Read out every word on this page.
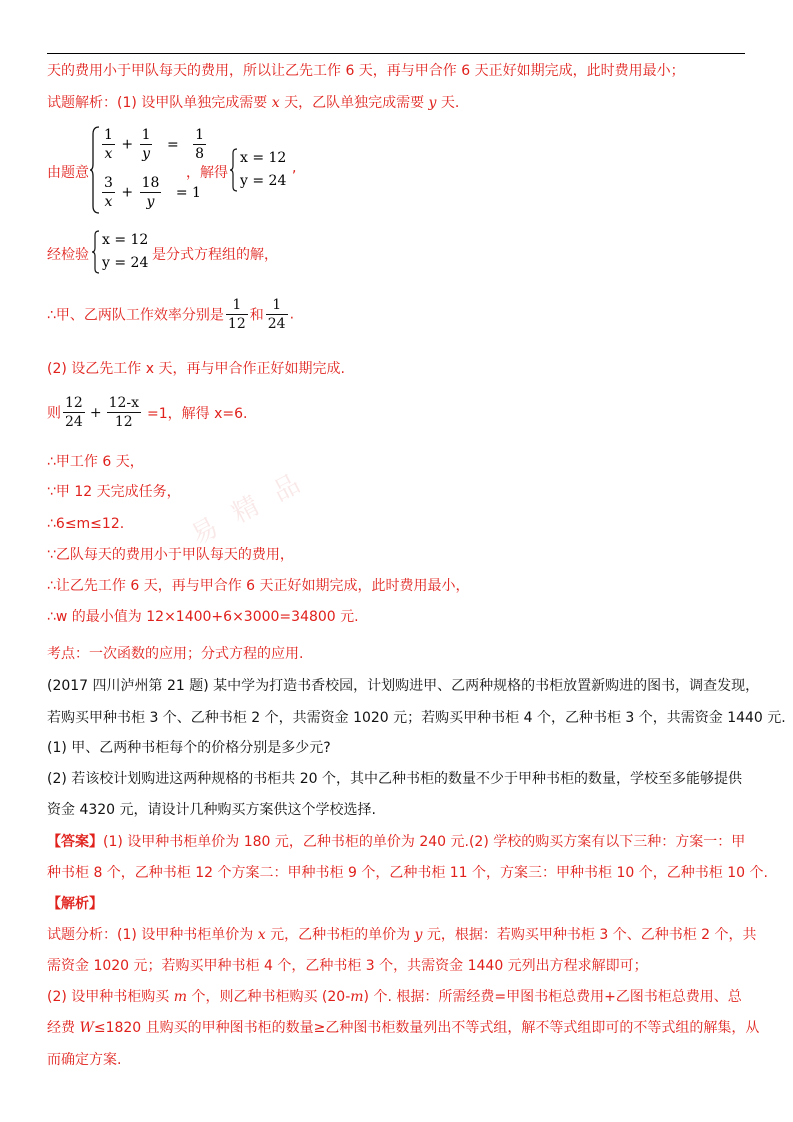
天的费用小于甲队每天的费用，所以让乙先工作 6 天，再与甲合作 6 天正好如期完成，此时费用最小；
试题解析：(1) 设甲队单独完成需要 x 天，乙队单独完成需要 y 天.
由题意
$\frac{1}{x} + \frac{1}{y} = \frac{1}{8}$
$\frac{3}{x} + \frac{18}{y} = 1$
，解得
x = 12
y = 24
,
经检验
x = 12
y = 24 是分式方程组的解，
∴甲、乙两队工作效率分别是 $\frac{1}{12}$ 和 $\frac{1}{24}$ .
(2) 设乙先工作 x 天，再与甲合作正好如期完成.
则 $\frac{12}{24} + \frac{12-x}{12} =1$，解得 x=6.
∴甲工作 6 天，
∵甲 12 天完成任务，
∴6≤m≤12.
∵乙队每天的费用小于甲队每天的费用，
∴让乙先工作 6 天，再与甲合作 6 天正好如期完成，此时费用最小，
∴w 的最小值为 12×1400+6×3000=34800 元.
易 精 品
考点：一次函数的应用；分式方程的应用.
(2017 四川泸州第 21 题) 某中学为打造书香校园，计划购进甲、乙两种规格的书柜放置新购进的图书，调查发现，
若购买甲种书柜 3 个、乙种书柜 2 个，共需资金 1020 元；若购买甲种书柜 4 个，乙种书柜 3 个，共需资金 1440 元.
(1) 甲、乙两种书柜每个的价格分别是多少元?
(2) 若该校计划购进这两种规格的书柜共 20 个，其中乙种书柜的数量不少于甲种书柜的数量，学校至多能够提供
资金 4320 元，请设计几种购买方案供这个学校选择.
【答案】(1) 设甲种书柜单价为 180 元，乙种书柜的单价为 240 元.(2) 学校的购买方案有以下三种：方案一：甲
种书柜 8 个，乙种书柜 12 个方案二：甲种书柜 9 个，乙种书柜 11 个，方案三：甲种书柜 10 个，乙种书柜 10 个.
【解析】
试题分析：(1) 设甲种书柜单价为 x 元，乙种书柜的单价为 y 元，根据：若购买甲种书柜 3 个、乙种书柜 2 个，共
需资金 1020 元；若购买甲种书柜 4 个，乙种书柜 3 个，共需资金 1440 元列出方程求解即可；
(2) 设甲种书柜购买 m 个，则乙种书柜购买 (20-m) 个. 根据：所需经费=甲图书柜总费用+乙图书柜总费用、总
经费 W≤1820 且购买的甲种图书柜的数量≥乙种图书柜数量列出不等式组，解不等式组即可的不等式组的解集，从
而确定方案.
